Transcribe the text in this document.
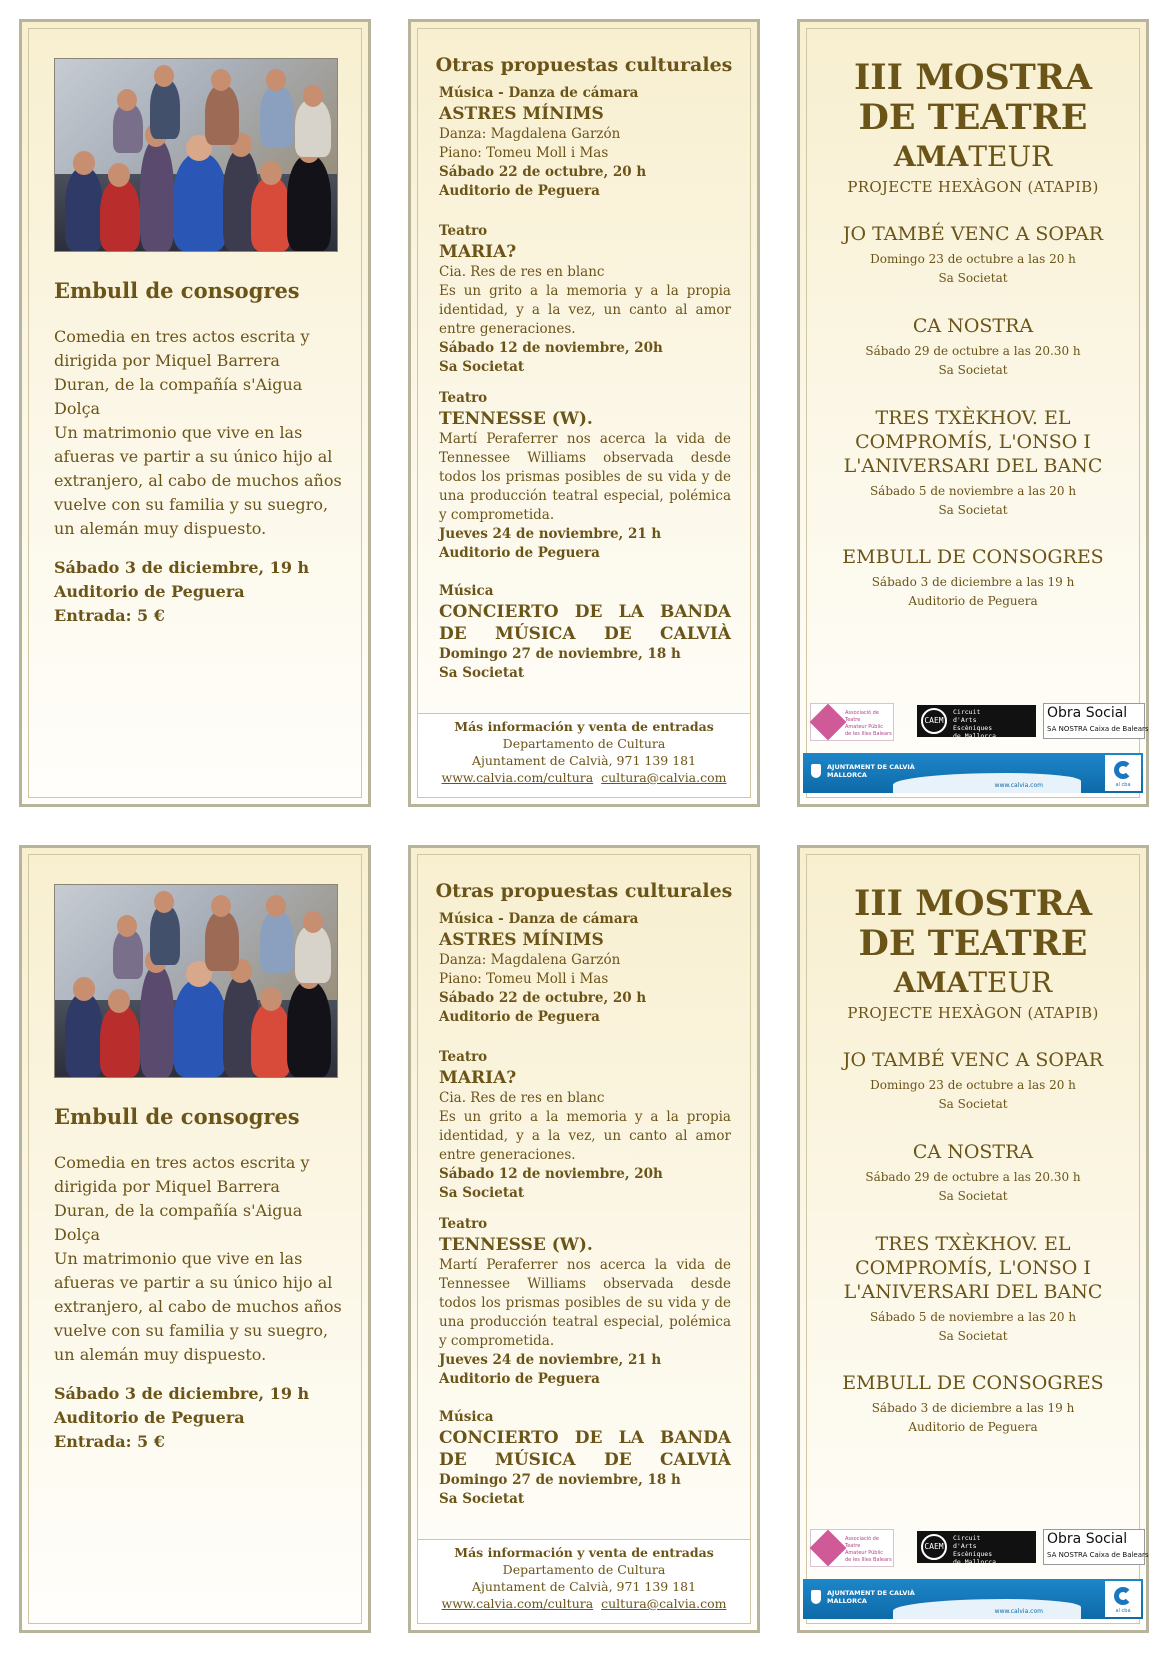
Embull de consogres
Comedia en tres actos escrita y
dirigida por Miquel Barrera
Duran, de la compañía s'Aigua
Dolça
Un matrimonio que vive en las
afueras ve partir a su único hijo al
extranjero, al cabo de muchos años
vuelve con su familia y su suegro,
un alemán muy dispuesto.
Sábado 3 de diciembre, 19 h
Auditorio de Peguera
Entrada: 5 €
Otras propuestas culturales
Música - Danza de cámara
ASTRES MÍNIMS
Danza: Magdalena Garzón
Piano: Tomeu Moll i Mas
Sábado 22 de octubre, 20 h
Auditorio de Peguera
Teatro
MARIA?
Cia. Res de res en blanc
Es un grito a la memoria y a la propia identidad, y a la vez, un canto al amor entre generaciones.
Sábado 12 de noviembre, 20h
Sa Societat
Teatro
TENNESSE (W).
Martí Peraferrer nos acerca la vida de Tennessee Williams observada desde todos los prismas posibles de su vida y de una producción teatral especial, polémica y comprometida.
Jueves 24 de noviembre, 21 h
Auditorio de Peguera
Música
CONCIERTO DE LA BANDA
DE MÚSICA DE CALVIÀ
Domingo 27 de noviembre, 18 h
Sa Societat
Más información y venta de entradas
Departamento de Cultura
Ajuntament de Calvià, 971 139 181
www.calvia.com/cultura cultura@calvia.com
III MOSTRA
DE TEATRE
AMATEUR
PROJECTE HEXÀGON (ATAPIB)
JO TAMBÉ VENC A SOPAR
Domingo 23 de octubre a las 20 h
Sa Societat
CA NOSTRA
Sábado 29 de octubre a las 20.30 h
Sa Societat
TRES TXÈKHOV. EL
COMPROMÍS, L'ONSO I
L'ANIVERSARI DEL BANC
Sábado 5 de noviembre a las 20 h
Sa Societat
EMBULL DE CONSOGRES
Sábado 3 de diciembre a las 19 h
Auditorio de Peguera
Associació de Teatre
Amateur Públic
de les Illes Balears
CAEM
Circuit
d'Arts
Escèniques
de Mallorca
Obra Social
SA NOSTRA Caixa de Balears
AJUNTAMENT DE CALVIÀ
MALLORCA
www.calvia.com	al cba
Embull de consogres
Comedia en tres actos escrita y
dirigida por Miquel Barrera
Duran, de la compañía s'Aigua
Dolça
Un matrimonio que vive en las
afueras ve partir a su único hijo al
extranjero, al cabo de muchos años
vuelve con su familia y su suegro,
un alemán muy dispuesto.
Sábado 3 de diciembre, 19 h
Auditorio de Peguera
Entrada: 5 €
Otras propuestas culturales
Música - Danza de cámara
ASTRES MÍNIMS
Danza: Magdalena Garzón
Piano: Tomeu Moll i Mas
Sábado 22 de octubre, 20 h
Auditorio de Peguera
Teatro
MARIA?
Cia. Res de res en blanc
Es un grito a la memoria y a la propia identidad, y a la vez, un canto al amor entre generaciones.
Sábado 12 de noviembre, 20h
Sa Societat
Teatro
TENNESSE (W).
Martí Peraferrer nos acerca la vida de Tennessee Williams observada desde todos los prismas posibles de su vida y de una producción teatral especial, polémica y comprometida.
Jueves 24 de noviembre, 21 h
Auditorio de Peguera
Música
CONCIERTO DE LA BANDA
DE MÚSICA DE CALVIÀ
Domingo 27 de noviembre, 18 h
Sa Societat
Más información y venta de entradas
Departamento de Cultura
Ajuntament de Calvià, 971 139 181
www.calvia.com/cultura cultura@calvia.com
III MOSTRA
DE TEATRE
AMATEUR
PROJECTE HEXÀGON (ATAPIB)
JO TAMBÉ VENC A SOPAR
Domingo 23 de octubre a las 20 h
Sa Societat
CA NOSTRA
Sábado 29 de octubre a las 20.30 h
Sa Societat
TRES TXÈKHOV. EL
COMPROMÍS, L'ONSO I
L'ANIVERSARI DEL BANC
Sábado 5 de noviembre a las 20 h
Sa Societat
EMBULL DE CONSOGRES
Sábado 3 de diciembre a las 19 h
Auditorio de Peguera
Associació de Teatre
Amateur Públic
de les Illes Balears
CAEM
Circuit
d'Arts
Escèniques
de Mallorca
Obra Social
SA NOSTRA Caixa de Balears
AJUNTAMENT DE CALVIÀ
MALLORCA
www.calvia.com	al cba
